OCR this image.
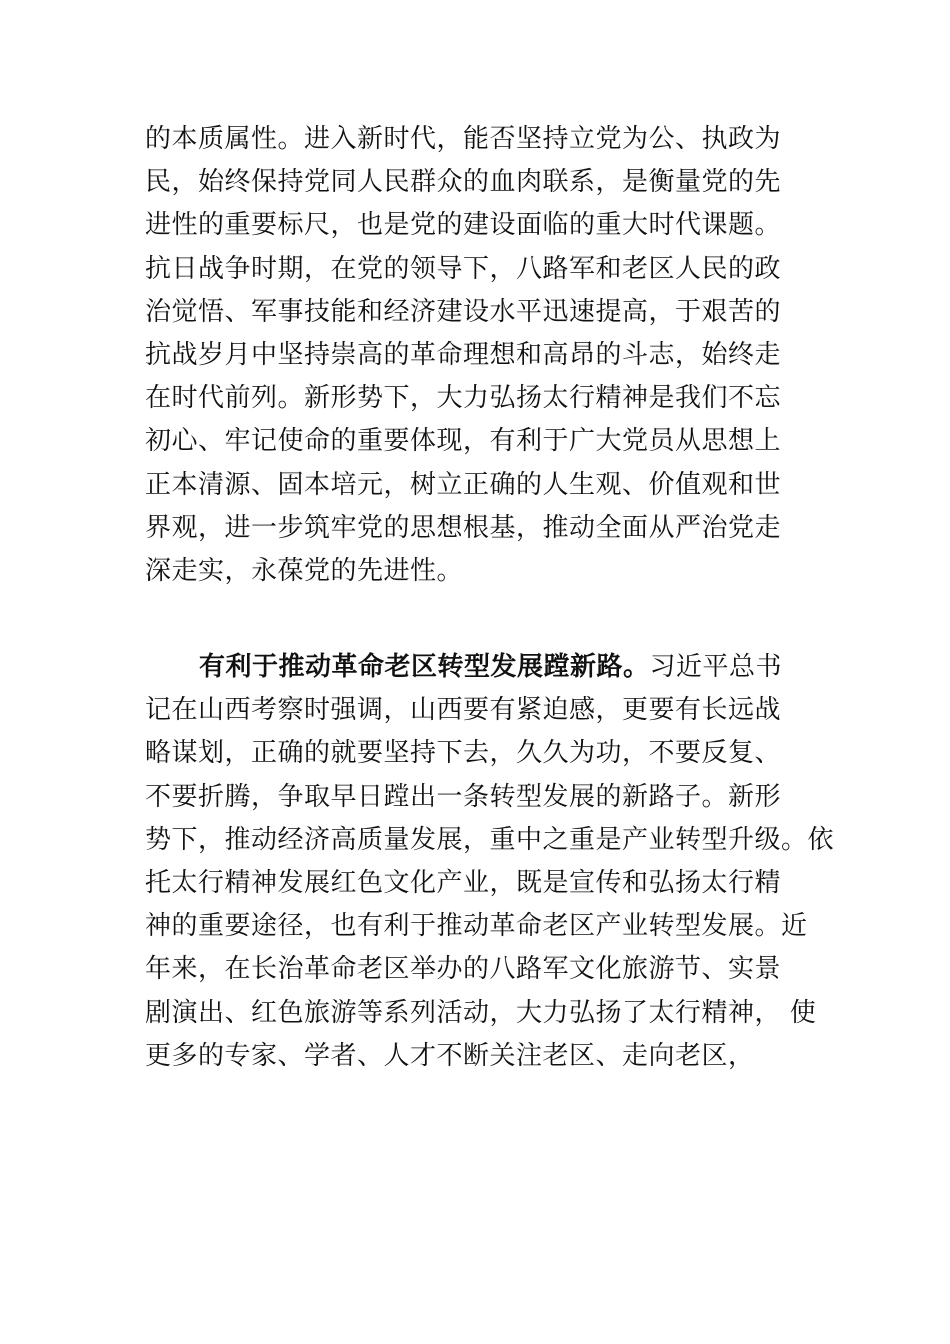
的本质属性。进入新时代，能否坚持立党为公、执政为
民，始终保持党同人民群众的血肉联系，是衡量党的先
进性的重要标尺，也是党的建设面临的重大时代课题。
抗日战争时期，在党的领导下，八路军和老区人民的政
治觉悟、军事技能和经济建设水平迅速提高，于艰苦的
抗战岁月中坚持崇高的革命理想和高昂的斗志，始终走
在时代前列。新形势下，大力弘扬太行精神是我们不忘
初心、牢记使命的重要体现，有利于广大党员从思想上
正本清源、固本培元，树立正确的人生观、价值观和世
界观，进一步筑牢党的思想根基，推动全面从严治党走
深走实，永葆党的先进性。
有利于推动革命老区转型发展蹚新路。习近平总书
记在山西考察时强调，山西要有紧迫感，更要有长远战
略谋划，正确的就要坚持下去，久久为功，不要反复、
不要折腾，争取早日蹚出一条转型发展的新路子。新形
势下，推动经济高质量发展，重中之重是产业转型升级。依
托太行精神发展红色文化产业，既是宣传和弘扬太行精
神的重要途径，也有利于推动革命老区产业转型发展。近
年来，在长治革命老区举办的八路军文化旅游节、实景
剧演出、红色旅游等系列活动，大力弘扬了太行精神， 使
更多的专家、学者、人才不断关注老区、走向老区，
